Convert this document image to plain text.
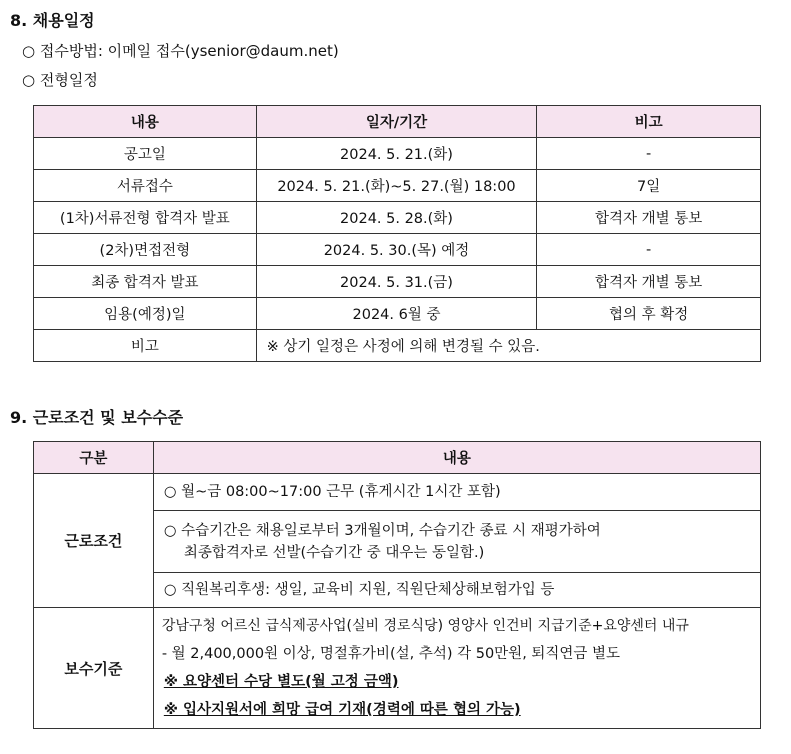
8. 채용일정
○ 접수방법: 이메일 접수(ysenior@daum.net)
○ 전형일정
내용	일자/기간	비고
공고일	2024. 5. 21.(화)	-
서류접수	2024. 5. 21.(화)~5. 27.(월) 18:00	7일
(1차)서류전형 합격자 발표	2024. 5. 28.(화)	합격자 개별 통보
(2차)면접전형	2024. 5. 30.(목) 예정	-
최종 합격자 발표	2024. 5. 31.(금)	합격자 개별 통보
임용(예정)일	2024. 6월 중	협의 후 확정
비고	※ 상기 일정은 사정에 의해 변경될 수 있음.	
9. 근로조건 및 보수수준
구분	내용
근로조건	○ 월~금 08:00~17:00 근무 (휴게시간 1시간 포함)

	○ 수습기간은 채용일로부터 3개월이며, 수습기간 종료 시 재평가하여
최종합격자로 선발(수습기간 중 대우는 동일함.)

	○ 직원복리후생: 생일, 교육비 지원, 직원단체상해보험가입 등

보수기준	강남구청 어르신 급식제공사업(실비 경로식당) 영양사 인건비 지급기준+요양센터 내규
- 월 2,400,000원 이상, 명절휴가비(설, 추석) 각 50만원, 퇴직연금 별도
※ 요양센터 수당 별도(월 고정 금액)
※ 입사지원서에 희망 급여 기재(경력에 따른 협의 가능)
